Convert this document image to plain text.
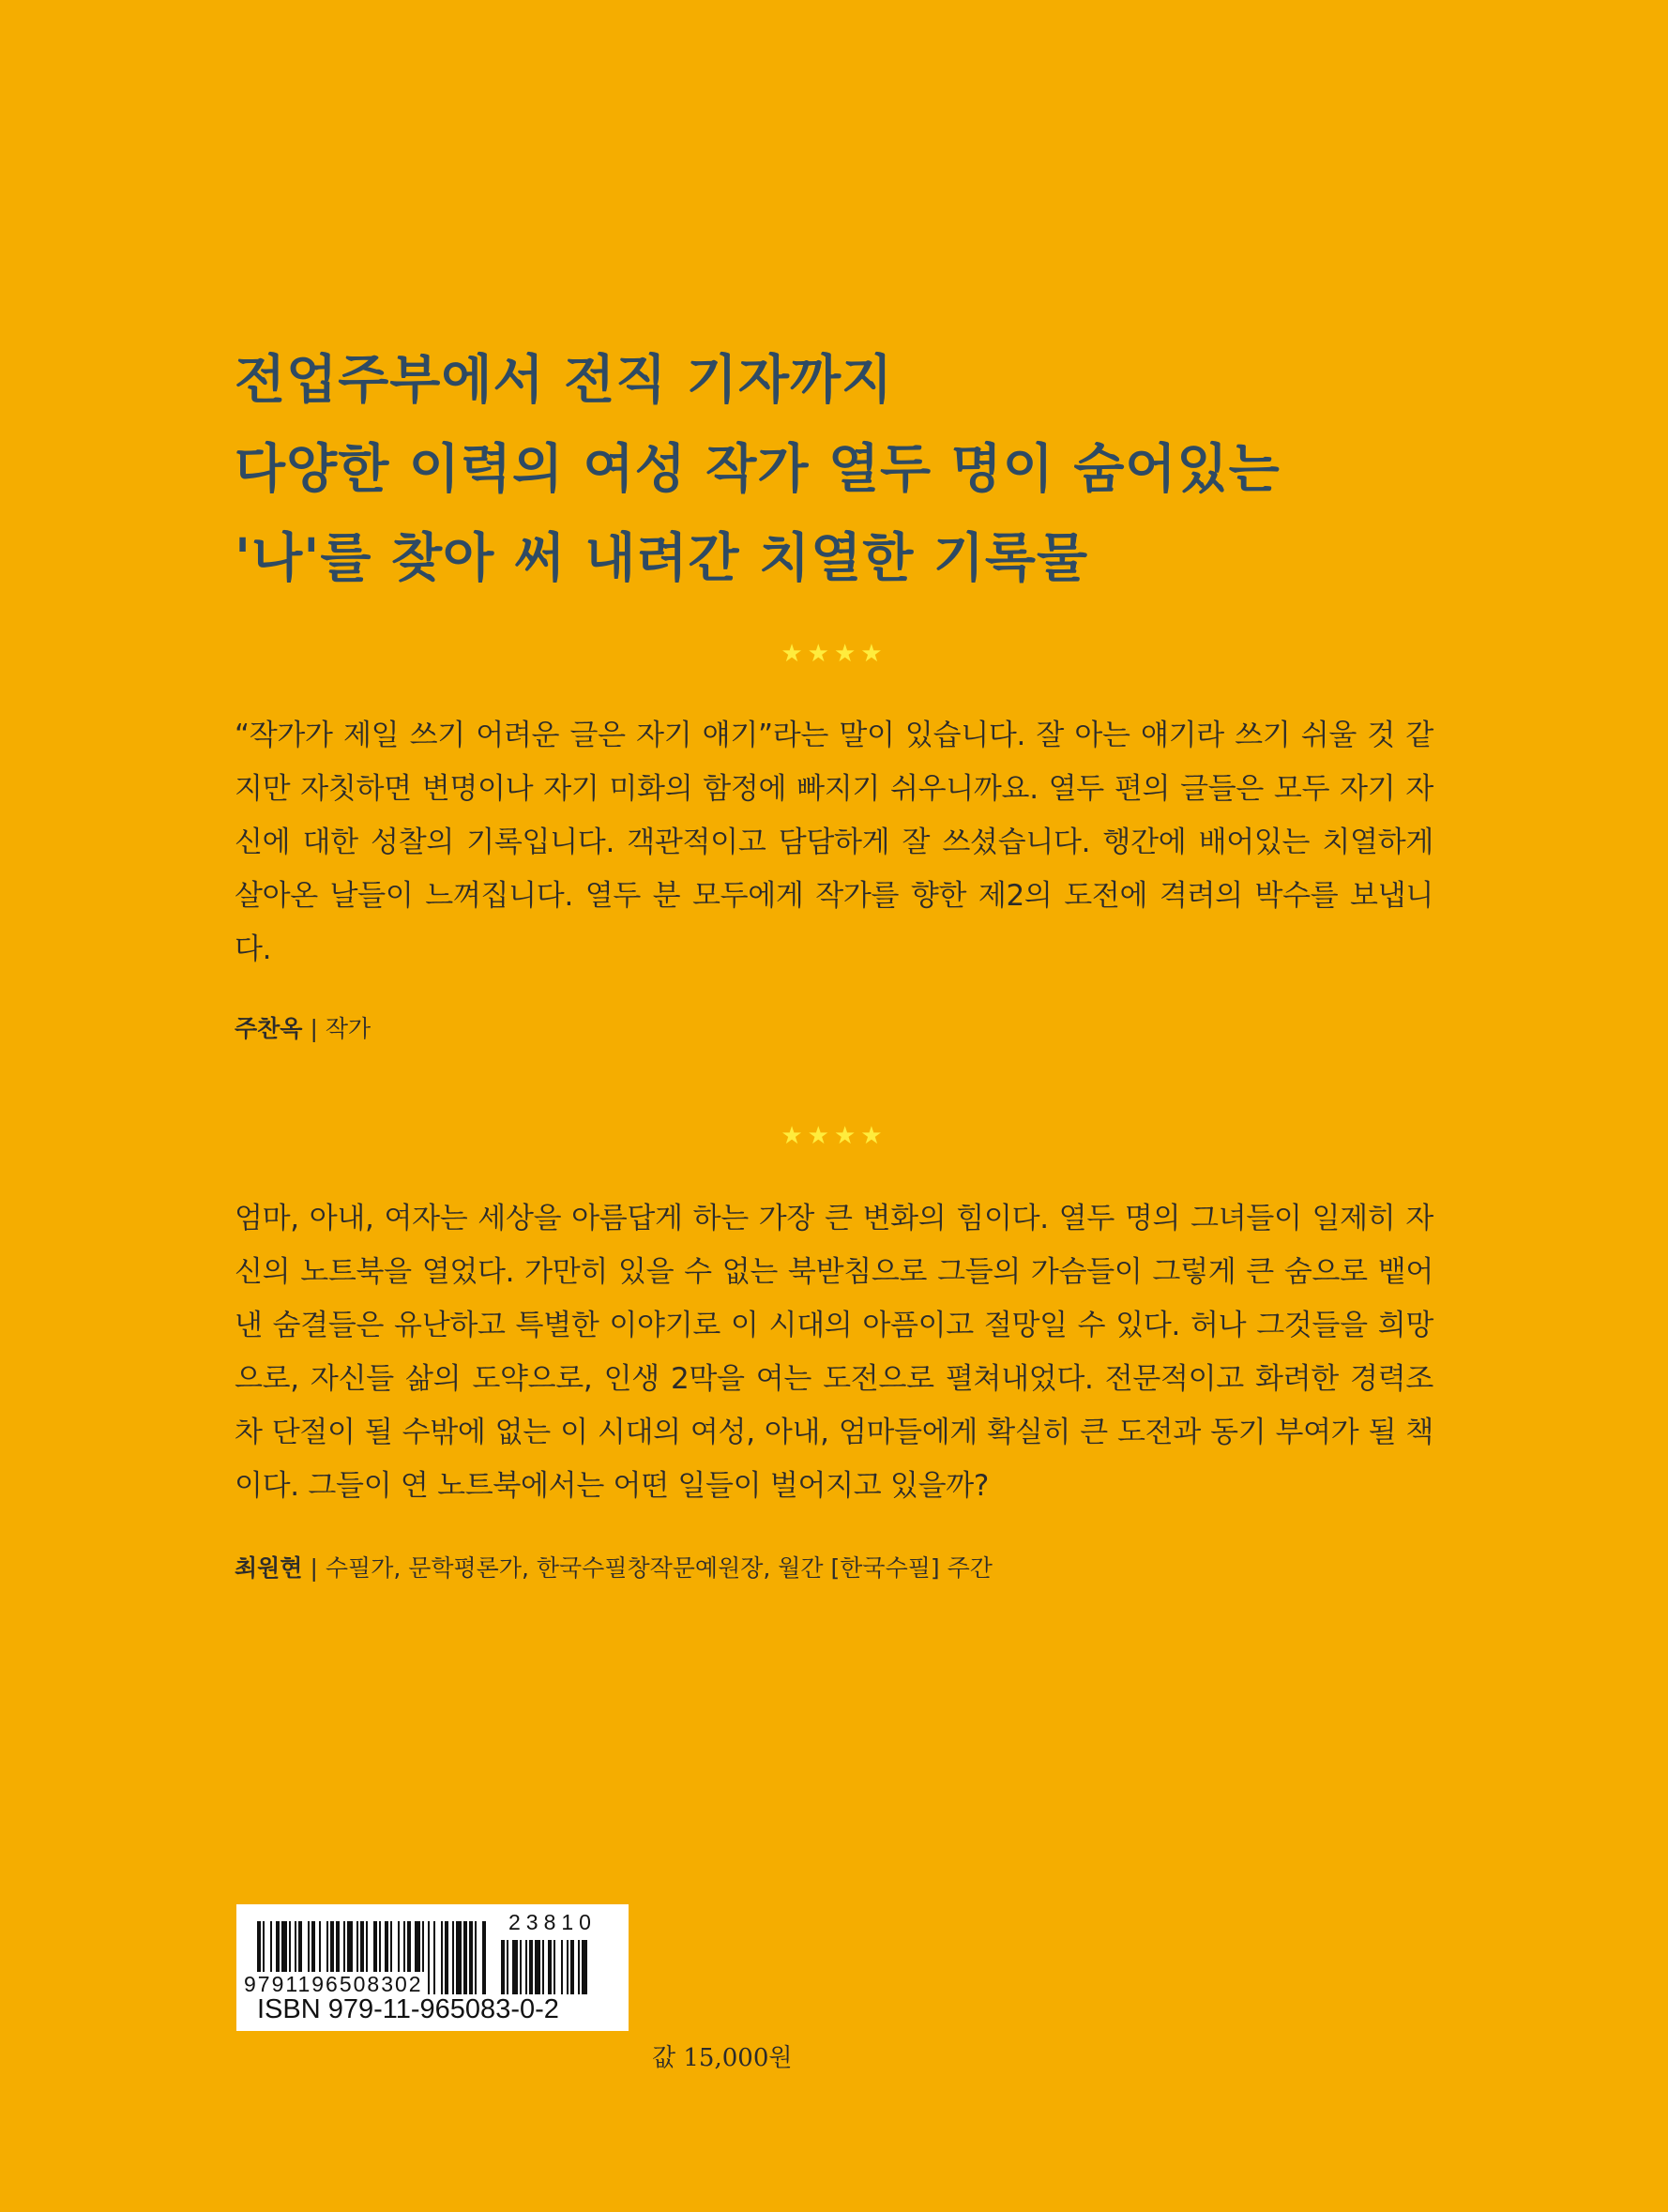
전업주부에서 전직 기자까지
다양한 이력의 여성 작가 열두 명이 숨어있는
'나'를 찾아 써 내려간 치열한 기록물
★★★★

“작가가 제일 쓰기 어려운 글은 자기 얘기”라는 말이 있습니다. 잘 아는 얘기라 쓰기 쉬울 것 같지만 자칫하면 변명이나 자기 미화의 함정에 빠지기 쉬우니까요. 열두 편의 글들은 모두 자기 자신에 대한 성찰의 기록입니다. 객관적이고 담담하게 잘 쓰셨습니다. 행간에 배어있는 치열하게 살아온 날들이 느껴집니다. 열두 분 모두에게 작가를 향한 제2의 도전에 격려의 박수를 보냅니다.

주찬옥 | 작가
★★★★

엄마, 아내, 여자는 세상을 아름답게 하는 가장 큰 변화의 힘이다. 열두 명의 그녀들이 일제히 자신의 노트북을 열었다. 가만히 있을 수 없는 북받침으로 그들의 가슴들이 그렇게 큰 숨으로 뱉어낸 숨결들은 유난하고 특별한 이야기로 이 시대의 아픔이고 절망일 수 있다. 허나 그것들을 희망으로, 자신들 삶의 도약으로, 인생 2막을 여는 도전으로 펼쳐내었다. 전문적이고 화려한 경력조차 단절이 될 수밖에 없는 이 시대의 여성, 아내, 엄마들에게 확실히 큰 도전과 동기 부여가 될 책이다. 그들이 연 노트북에서는 어떤 일들이 벌어지고 있을까?

최원현 | 수필가, 문학평론가, 한국수필창작문예원장, 월간 [한국수필] 주간
23810
9791196508302
ISBN 979-11-965083-0-2
값 15,000원
